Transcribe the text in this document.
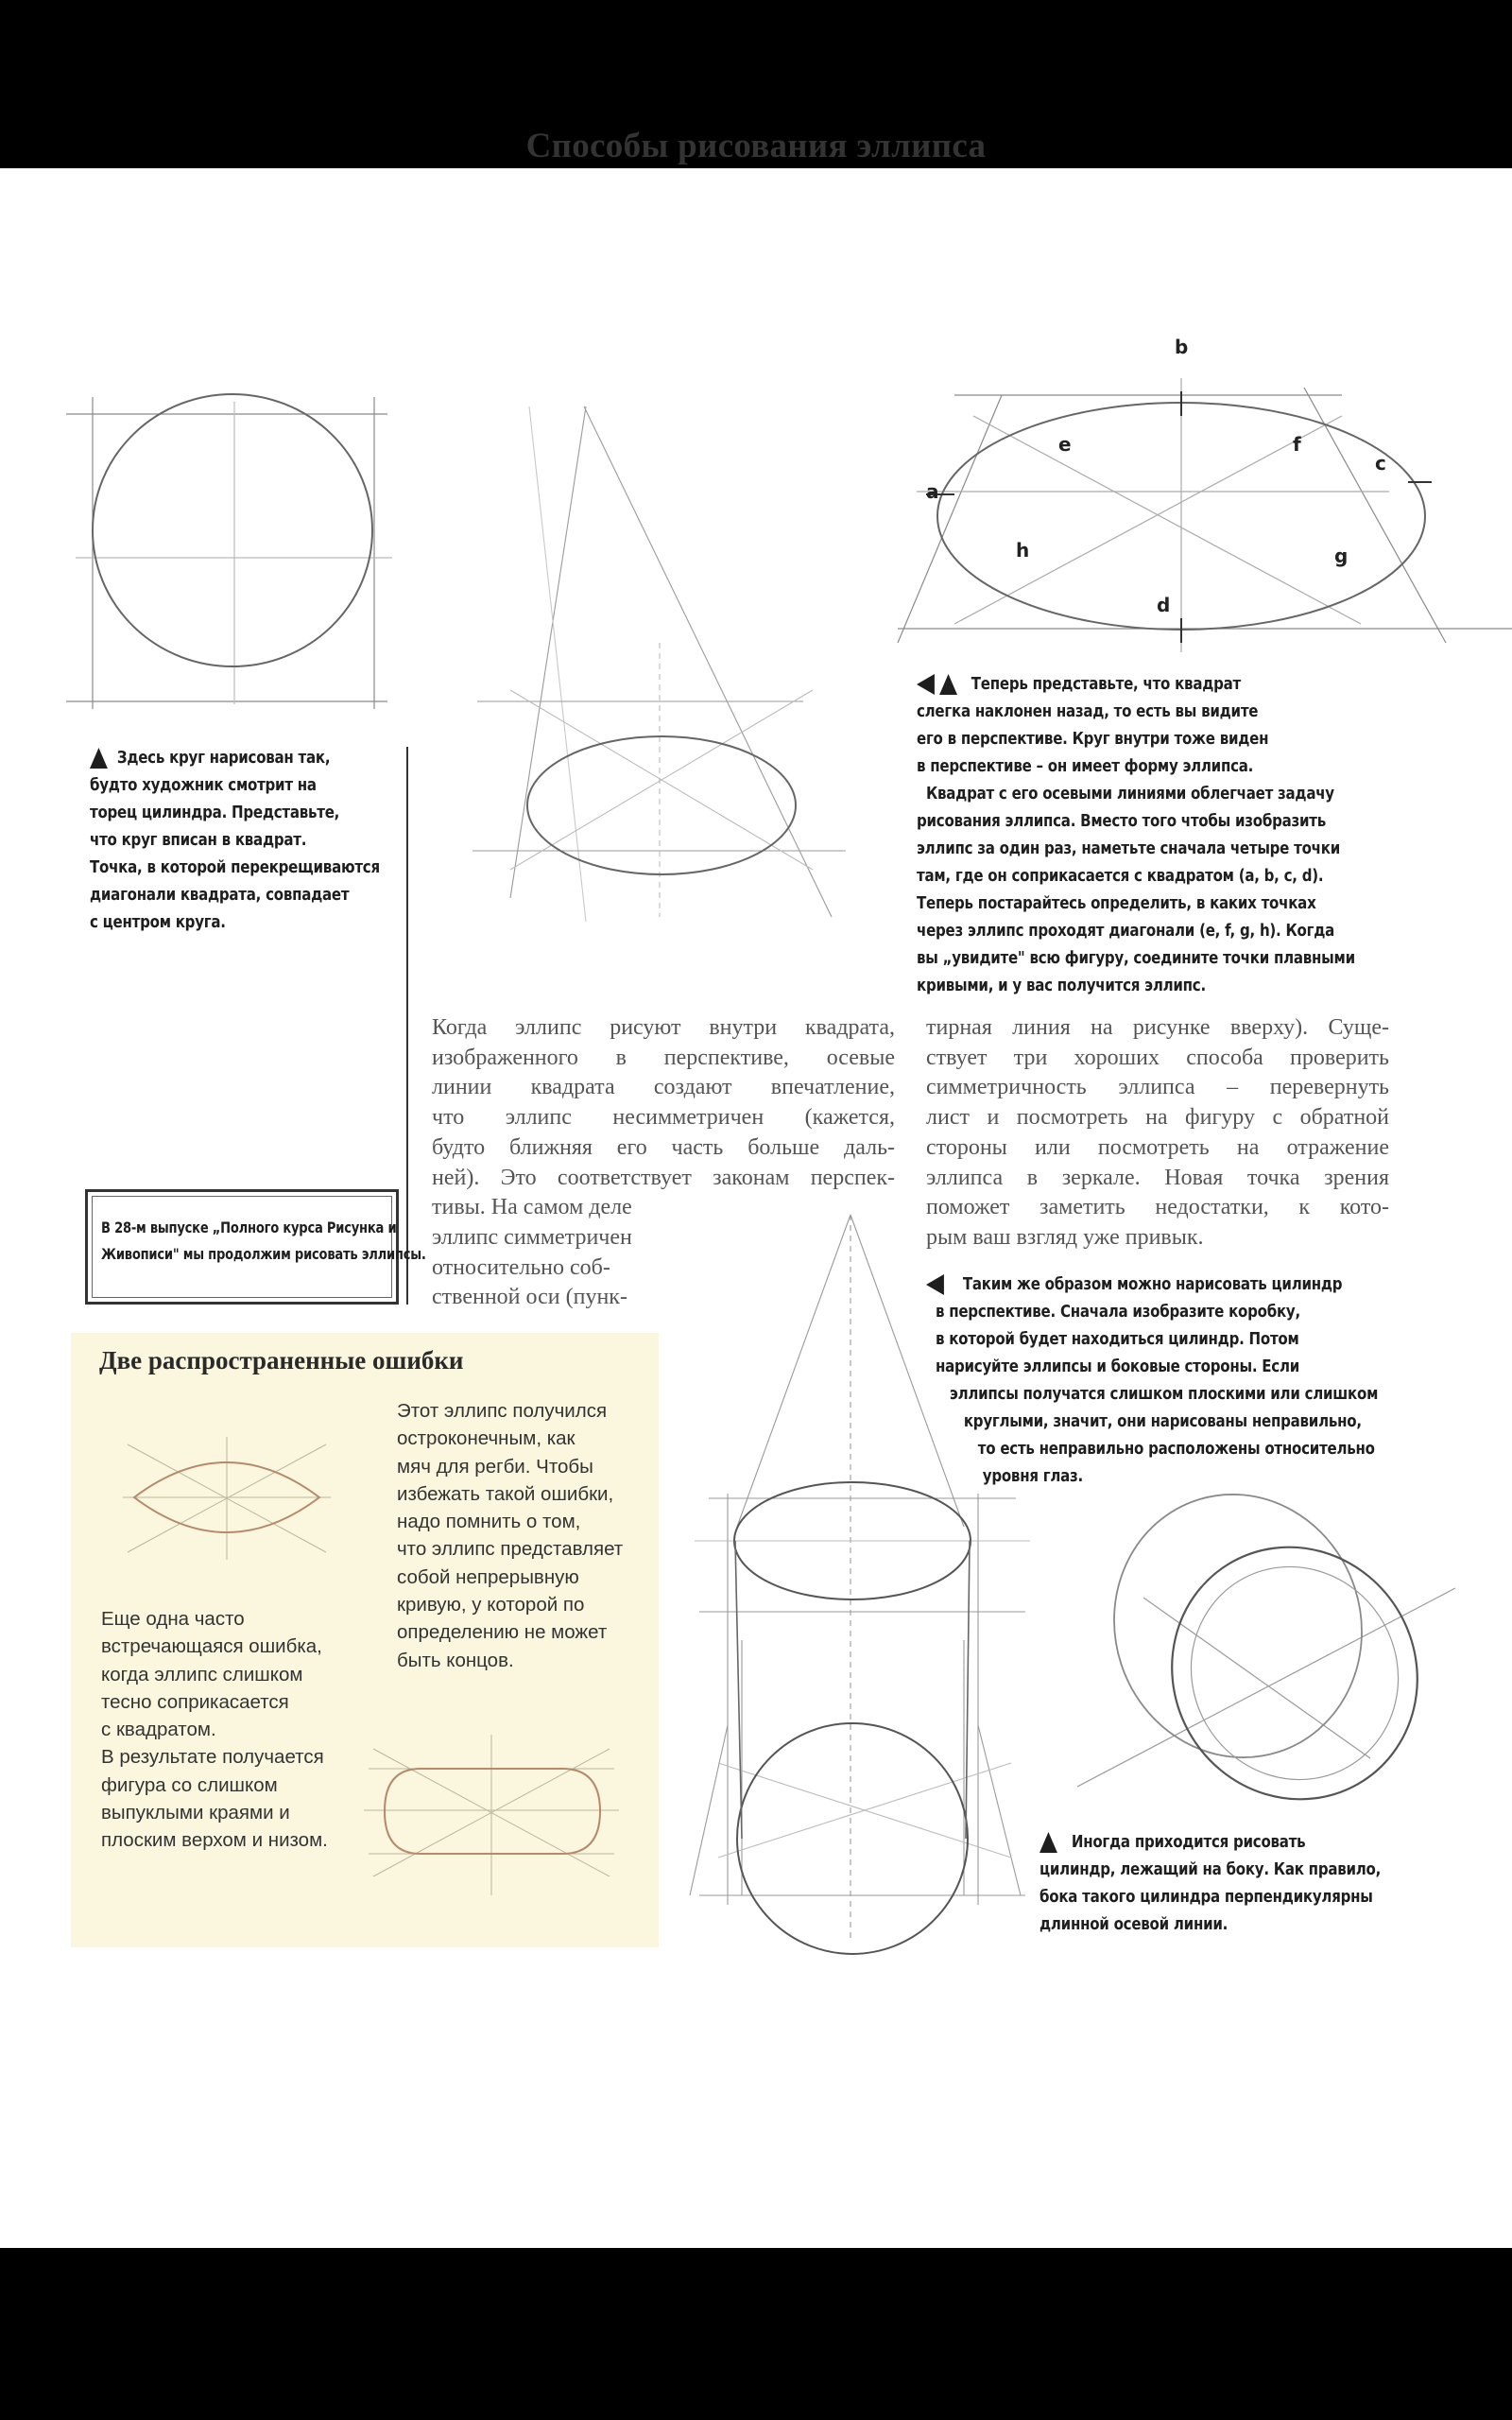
Способы рисования эллипса

Здесь круг нарисован так,

будто художник смотрит на

торец цилиндра. Представьте,

что круг вписан в квадрат.

Точка, в которой перекрещиваются

диагонали квадрата, совпадает

с центром круга.

В 28-м выпуске „Полного курса Рисунка и

Живописи" мы продолжим рисовать эллипсы.

b
a
c
d
e	f
g
h

Теперь представьте, что квадрат

слегка наклонен назад, то есть вы видите

его в перспективе. Круг внутри тоже виден

в перспективе – он имеет форму эллипса.

Квадрат с его осевыми линиями облегчает задачу

рисования эллипса. Вместо того чтобы изобразить

эллипс за один раз, наметьте сначала четыре точки

там, где он соприкасается с квадратом (a, b, c, d).

Теперь постарайтесь определить, в каких точках

через эллипс проходят диагонали (e, f, g, h). Когда

вы „увидите" всю фигуру, соедините точки плавными

кривыми, и у вас получится эллипс.

Когда эллипс рисуют внутри квадрата,

изображенного в перспективе, осевые

линии квадрата создают впечатление,

что эллипс несимметричен (кажется,

будто ближняя его часть больше даль-

ней). Это соответствует законам перспек-

тивы. На самом деле

эллипс симметричен

относительно соб-

ственной оси (пунк-

тирная линия на рисунке вверху). Суще-

ствует три хороших способа проверить

симметричность эллипса – перевернуть

лист и посмотреть на фигуру с обратной

стороны или посмотреть на отражение

эллипса в зеркале. Новая точка зрения

поможет заметить недостатки, к кото-

рым ваш взгляд уже привык.

Таким же образом можно нарисовать цилиндр

в перспективе. Сначала изобразите коробку,

в которой будет находиться цилиндр. Потом

нарисуйте эллипсы и боковые стороны. Если

эллипсы получатся слишком плоскими или слишком

круглыми, значит, они нарисованы неправильно,

то есть неправильно расположены относительно

уровня глаз.

Две распространенные ошибки

Этот эллипс получился

остроконечным, как

мяч для регби. Чтобы

избежать такой ошибки,

надо помнить о том,

что эллипс представляет

собой непрерывную

кривую, у которой по

определению не может

быть концов.

Еще одна часто

встречающаяся ошибка,

когда эллипс слишком

тесно соприкасается

с квадратом.

В результате получается

фигура со слишком

выпуклыми краями и

плоским верхом и низом.	Иногда приходится рисовать

цилиндр, лежащий на боку. Как правило,

бока такого цилиндра перпендикулярны

длинной осевой линии.
